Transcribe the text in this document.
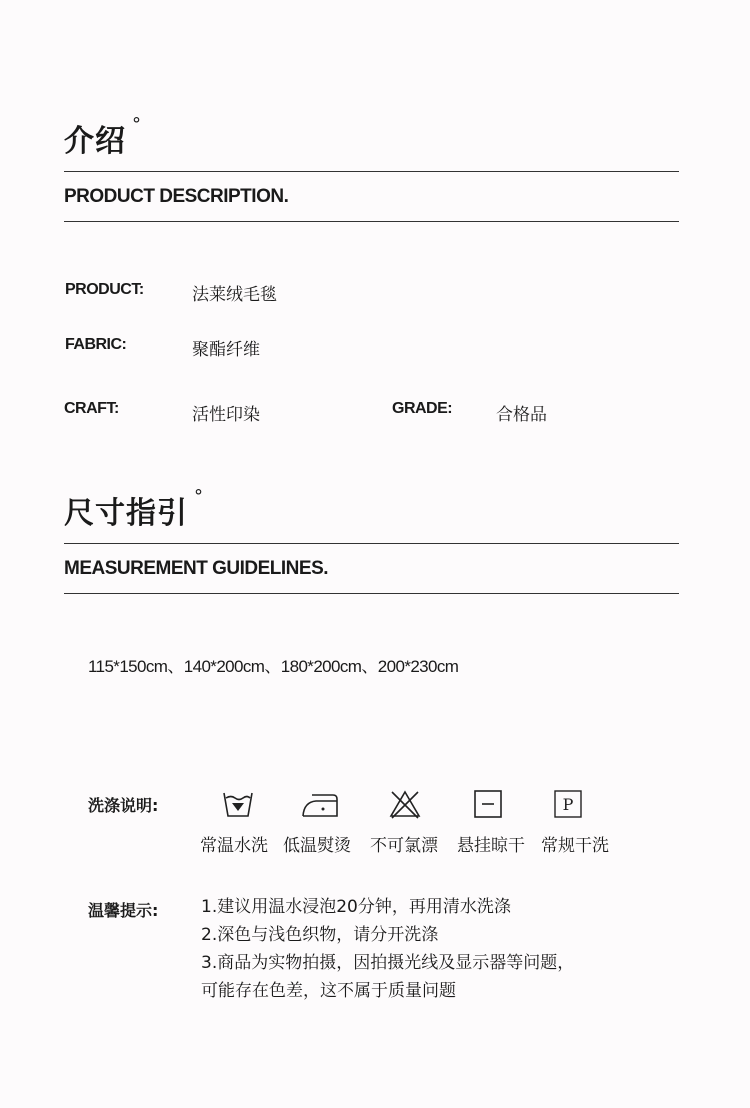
介绍 °
PRODUCT DESCRIPTION.
PRODUCT:	法莱绒毛毯
FABRIC:	聚酯纤维
CRAFT:	活性印染	GRADE:	合格品
尺寸指引 °
MEASUREMENT GUIDELINES.
115*150cm、140*200cm、180*200cm、200*230cm
洗涤说明:	P
常温水洗 低温熨烫 不可氯漂 悬挂晾干 常规干洗
温馨提示:	1.建议用温水浸泡20分钟，再用清水洗涤
2.深色与浅色织物，请分开洗涤
3.商品为实物拍摄，因拍摄光线及显示器等问题，
可能存在色差，这不属于质量问题
